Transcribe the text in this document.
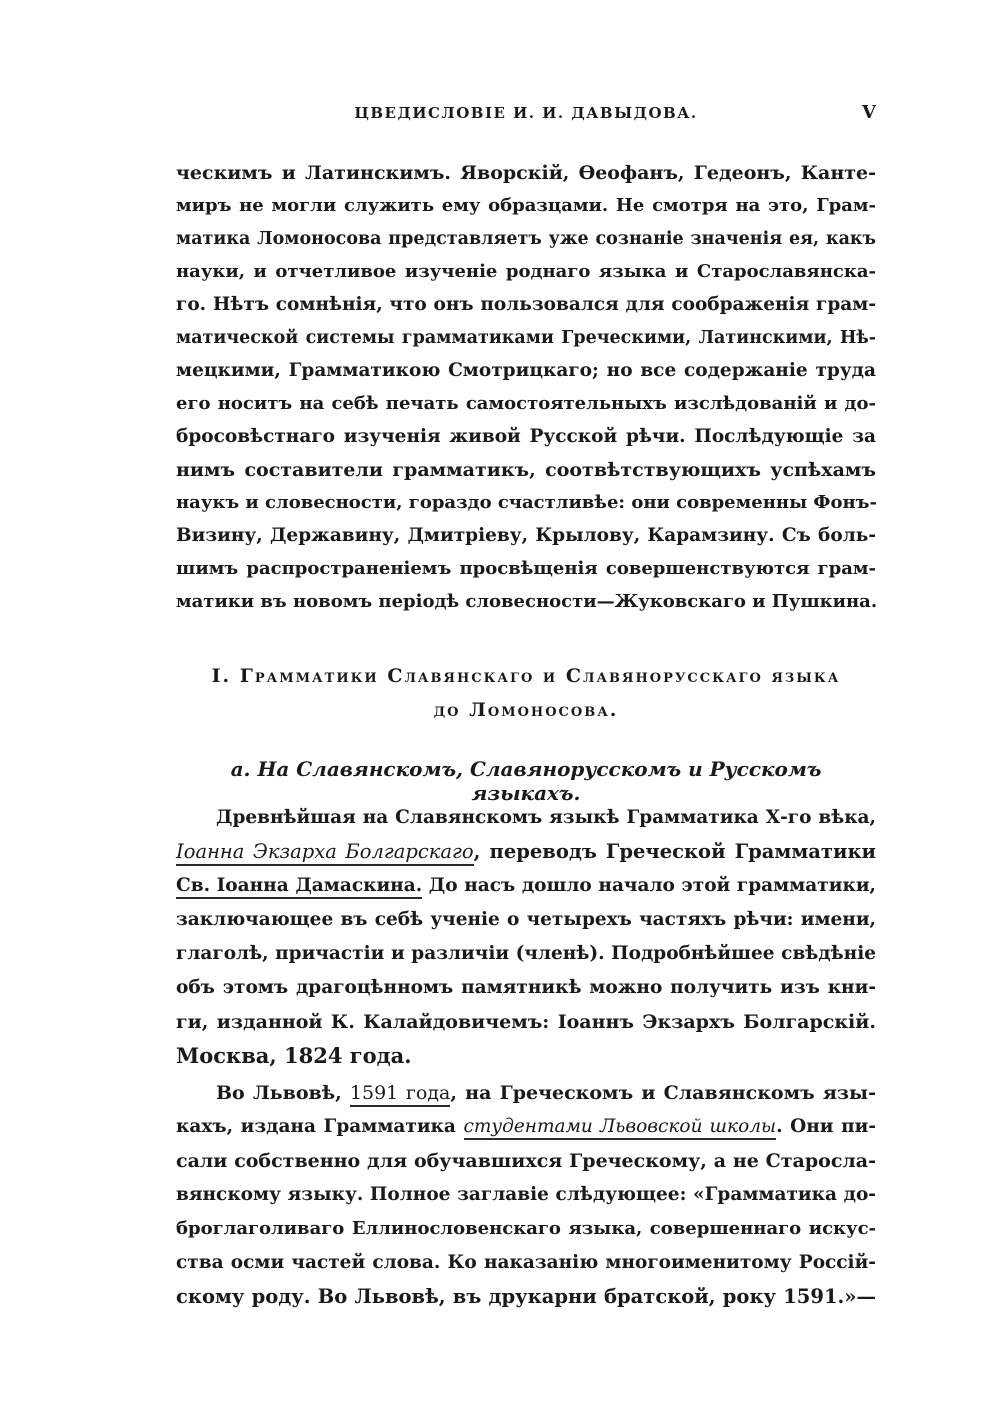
ЦВЕДИСЛОВІЕ И. И. ДАВЫДОВА.	V
ческимъ и Латинскимъ. Яворскій, Өеофанъ, Гедеонъ, Канте-
миръ не могли служить ему образцами. Не смотря на это, Грам-
матика Ломоносова представляетъ уже сознаніе значенія ея, какъ
науки, и отчетливое изученіе роднаго языка и Старославянска-
го. Нѣтъ сомнѣнія, что онъ пользовался для соображенія грам-
матической системы грамматиками Греческими, Латинскими, Нѣ-
мецкими, Грамматикою Смотрицкаго; но все содержаніе труда
его носитъ на себѣ печать самостоятельныхъ изслѣдованій и до-
бросовѣстнаго изученія живой Русской рѣчи. Послѣдующіе за
нимъ составители грамматикъ, соотвѣтствующихъ успѣхамъ
наукъ и словесности, гораздо счастливѣе: они современны Фонъ-
Визину, Державину, Дмитріеву, Крылову, Карамзину. Съ боль-
шимъ распространеніемъ просвѣщенія совершенствуются грам-
матики въ новомъ періодѣ словесности—Жуковскаго и Пушкина.
I. Грамматики Славянскаго и Славянорусскаго языка
до Ломоносова.
а. На Славянскомъ, Славянорусскомъ и Русскомъ языкахъ.
Древнѣйшая на Славянскомъ языкѣ Грамматика Х-го вѣка,
Іоанна Экзарха Болгарскаго, переводъ Греческой Грамматики
Св. Іоанна Дамаскина. До насъ дошло начало этой грамматики,
заключающее въ себѣ ученіе о четырехъ частяхъ рѣчи: имени,
глаголѣ, причастіи и различіи (членѣ). Подробнѣйшее свѣдѣніе
объ этомъ драгоцѣнномъ памятникѣ можно получить изъ кни-
ги, изданной К. Калайдовичемъ: Іоаннъ Экзархъ Болгарскій.
Москва, 1824 года.
Во Львовѣ, 1591 года, на Греческомъ и Славянскомъ язы-
кахъ, издана Грамматика студентами Львовской школы. Они пи-
сали собственно для обучавшихся Греческому, а не Старосла-
вянскому языку. Полное заглавіе слѣдующее: «Грамматика до-
брoглаголиваго Еллинословенскаго языка, совершеннаго искус-
ства осми частей слова. Ко наказанію многоименитому Россій-
скому роду. Во Львовѣ, въ друкарни братской, року 1591.»—
